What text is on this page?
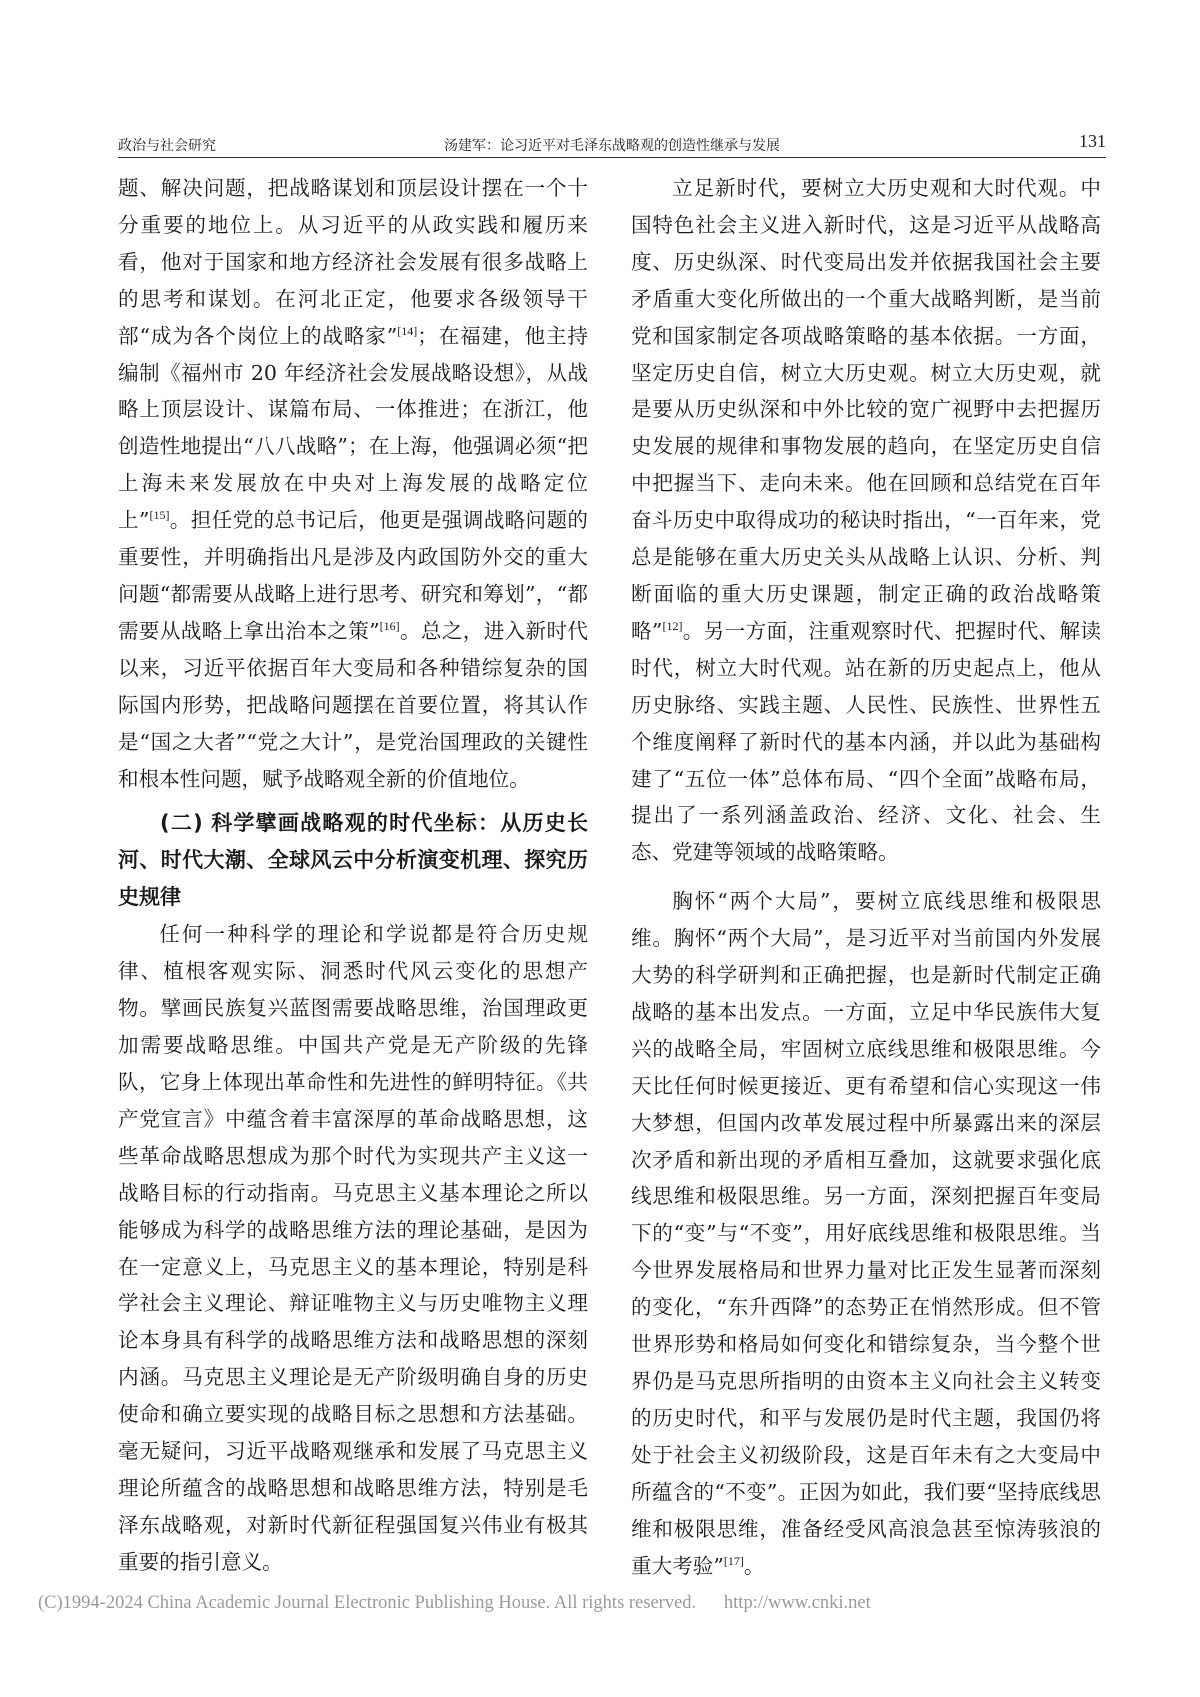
政治与社会研究	汤建军：论习近平对毛泽东战略观的创造性继承与发展	131

题、解决问题，把战略谋划和顶层设计摆在一个十分重要的地位上。从习近平的从政实践和履历来看，他对于国家和地方经济社会发展有很多战略上的思考和谋划。在河北正定，他要求各级领导干部“成为各个岗位上的战略家”[14]；在福建，他主持编制《福州市 20 年经济社会发展战略设想》，从战略上顶层设计、谋篇布局、一体推进；在浙江，他创造性地提出“八八战略”；在上海，他强调必须“把上海未来发展放在中央对上海发展的战略定位上”[15]。担任党的总书记后，他更是强调战略问题的重要性，并明确指出凡是涉及内政国防外交的重大问题“都需要从战略上进行思考、研究和筹划”，“都需要从战略上拿出治本之策”[16]。总之，进入新时代以来，习近平依据百年大变局和各种错综复杂的国际国内形势，把战略问题摆在首要位置，将其认作是“国之大者”“党之大计”，是党治国理政的关键性和根本性问题，赋予战略观全新的价值地位。

(二) 科学擘画战略观的时代坐标：从历史长河、时代大潮、全球风云中分析演变机理、探究历史规律

任何一种科学的理论和学说都是符合历史规律、植根客观实际、洞悉时代风云变化的思想产物。擘画民族复兴蓝图需要战略思维，治国理政更加需要战略思维。中国共产党是无产阶级的先锋队，它身上体现出革命性和先进性的鲜明特征。《共产党宣言》中蕴含着丰富深厚的革命战略思想，这些革命战略思想成为那个时代为实现共产主义这一战略目标的行动指南。马克思主义基本理论之所以能够成为科学的战略思维方法的理论基础，是因为在一定意义上，马克思主义的基本理论，特别是科学社会主义理论、辩证唯物主义与历史唯物主义理论本身具有科学的战略思维方法和战略思想的深刻内涵。马克思主义理论是无产阶级明确自身的历史使命和确立要实现的战略目标之思想和方法基础。毫无疑问，习近平战略观继承和发展了马克思主义理论所蕴含的战略思想和战略思维方法，特别是毛泽东战略观，对新时代新征程强国复兴伟业有极其重要的指引意义。

立足新时代，要树立大历史观和大时代观。中国特色社会主义进入新时代，这是习近平从战略高度、历史纵深、时代变局出发并依据我国社会主要矛盾重大变化所做出的一个重大战略判断，是当前党和国家制定各项战略策略的基本依据。一方面，坚定历史自信，树立大历史观。树立大历史观，就是要从历史纵深和中外比较的宽广视野中去把握历史发展的规律和事物发展的趋向，在坚定历史自信中把握当下、走向未来。他在回顾和总结党在百年奋斗历史中取得成功的秘诀时指出，“一百年来，党总是能够在重大历史关头从战略上认识、分析、判断面临的重大历史课题，制定正确的政治战略策略”[12]。另一方面，注重观察时代、把握时代、解读时代，树立大时代观。站在新的历史起点上，他从历史脉络、实践主题、人民性、民族性、世界性五个维度阐释了新时代的基本内涵，并以此为基础构建了“五位一体”总体布局、“四个全面”战略布局，提出了一系列涵盖政治、经济、文化、社会、生态、党建等领域的战略策略。

胸怀“两个大局”，要树立底线思维和极限思维。胸怀“两个大局”，是习近平对当前国内外发展大势的科学研判和正确把握，也是新时代制定正确战略的基本出发点。一方面，立足中华民族伟大复兴的战略全局，牢固树立底线思维和极限思维。今天比任何时候更接近、更有希望和信心实现这一伟大梦想，但国内改革发展过程中所暴露出来的深层次矛盾和新出现的矛盾相互叠加，这就要求强化底线思维和极限思维。另一方面，深刻把握百年变局下的“变”与“不变”，用好底线思维和极限思维。当今世界发展格局和世界力量对比正发生显著而深刻的变化，“东升西降”的态势正在悄然形成。但不管世界形势和格局如何变化和错综复杂，当今整个世界仍是马克思所指明的由资本主义向社会主义转变的历史时代，和平与发展仍是时代主题，我国仍将处于社会主义初级阶段，这是百年未有之大变局中所蕴含的“不变”。正因为如此，我们要“坚持底线思维和极限思维，准备经受风高浪急甚至惊涛骇浪的重大考验”[17]。

(C)1994-2024 China Academic Journal Electronic Publishing House. All rights reserved. http://www.cnki.net
